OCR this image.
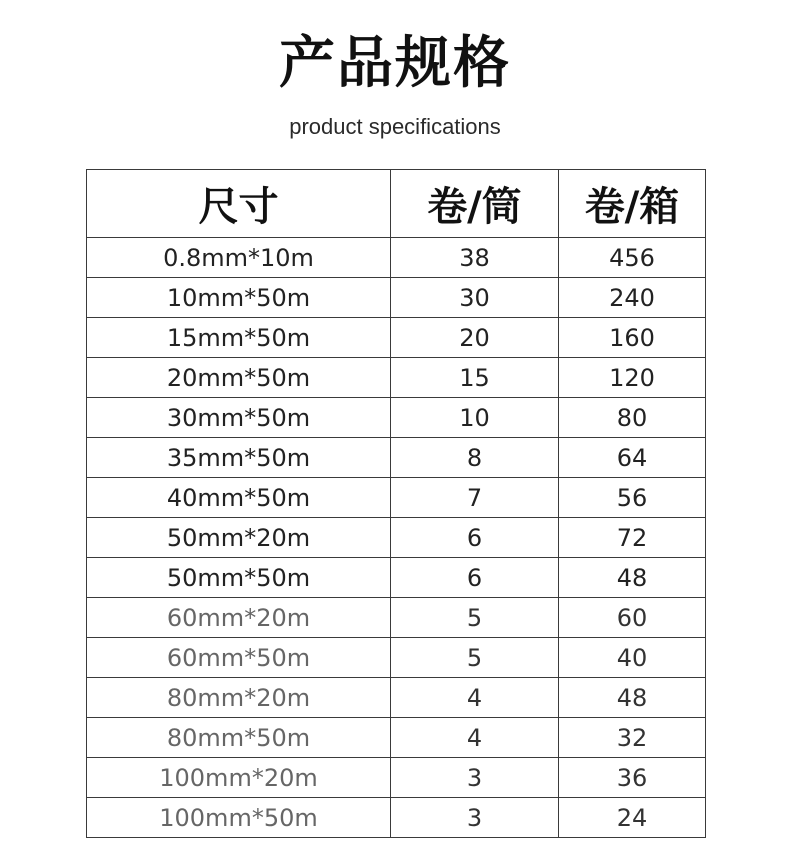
产品规格
product specifications
尺寸	卷/筒	卷/箱
0.8mm*10m	38	456
10mm*50m	30	240
15mm*50m	20	160
20mm*50m	15	120
30mm*50m	10	80
35mm*50m	8	64
40mm*50m	7	56
50mm*20m	6	72
50mm*50m	6	48
60mm*20m	5	60
60mm*50m	5	40
80mm*20m	4	48
80mm*50m	4	32
100mm*20m	3	36
100mm*50m	3	24
